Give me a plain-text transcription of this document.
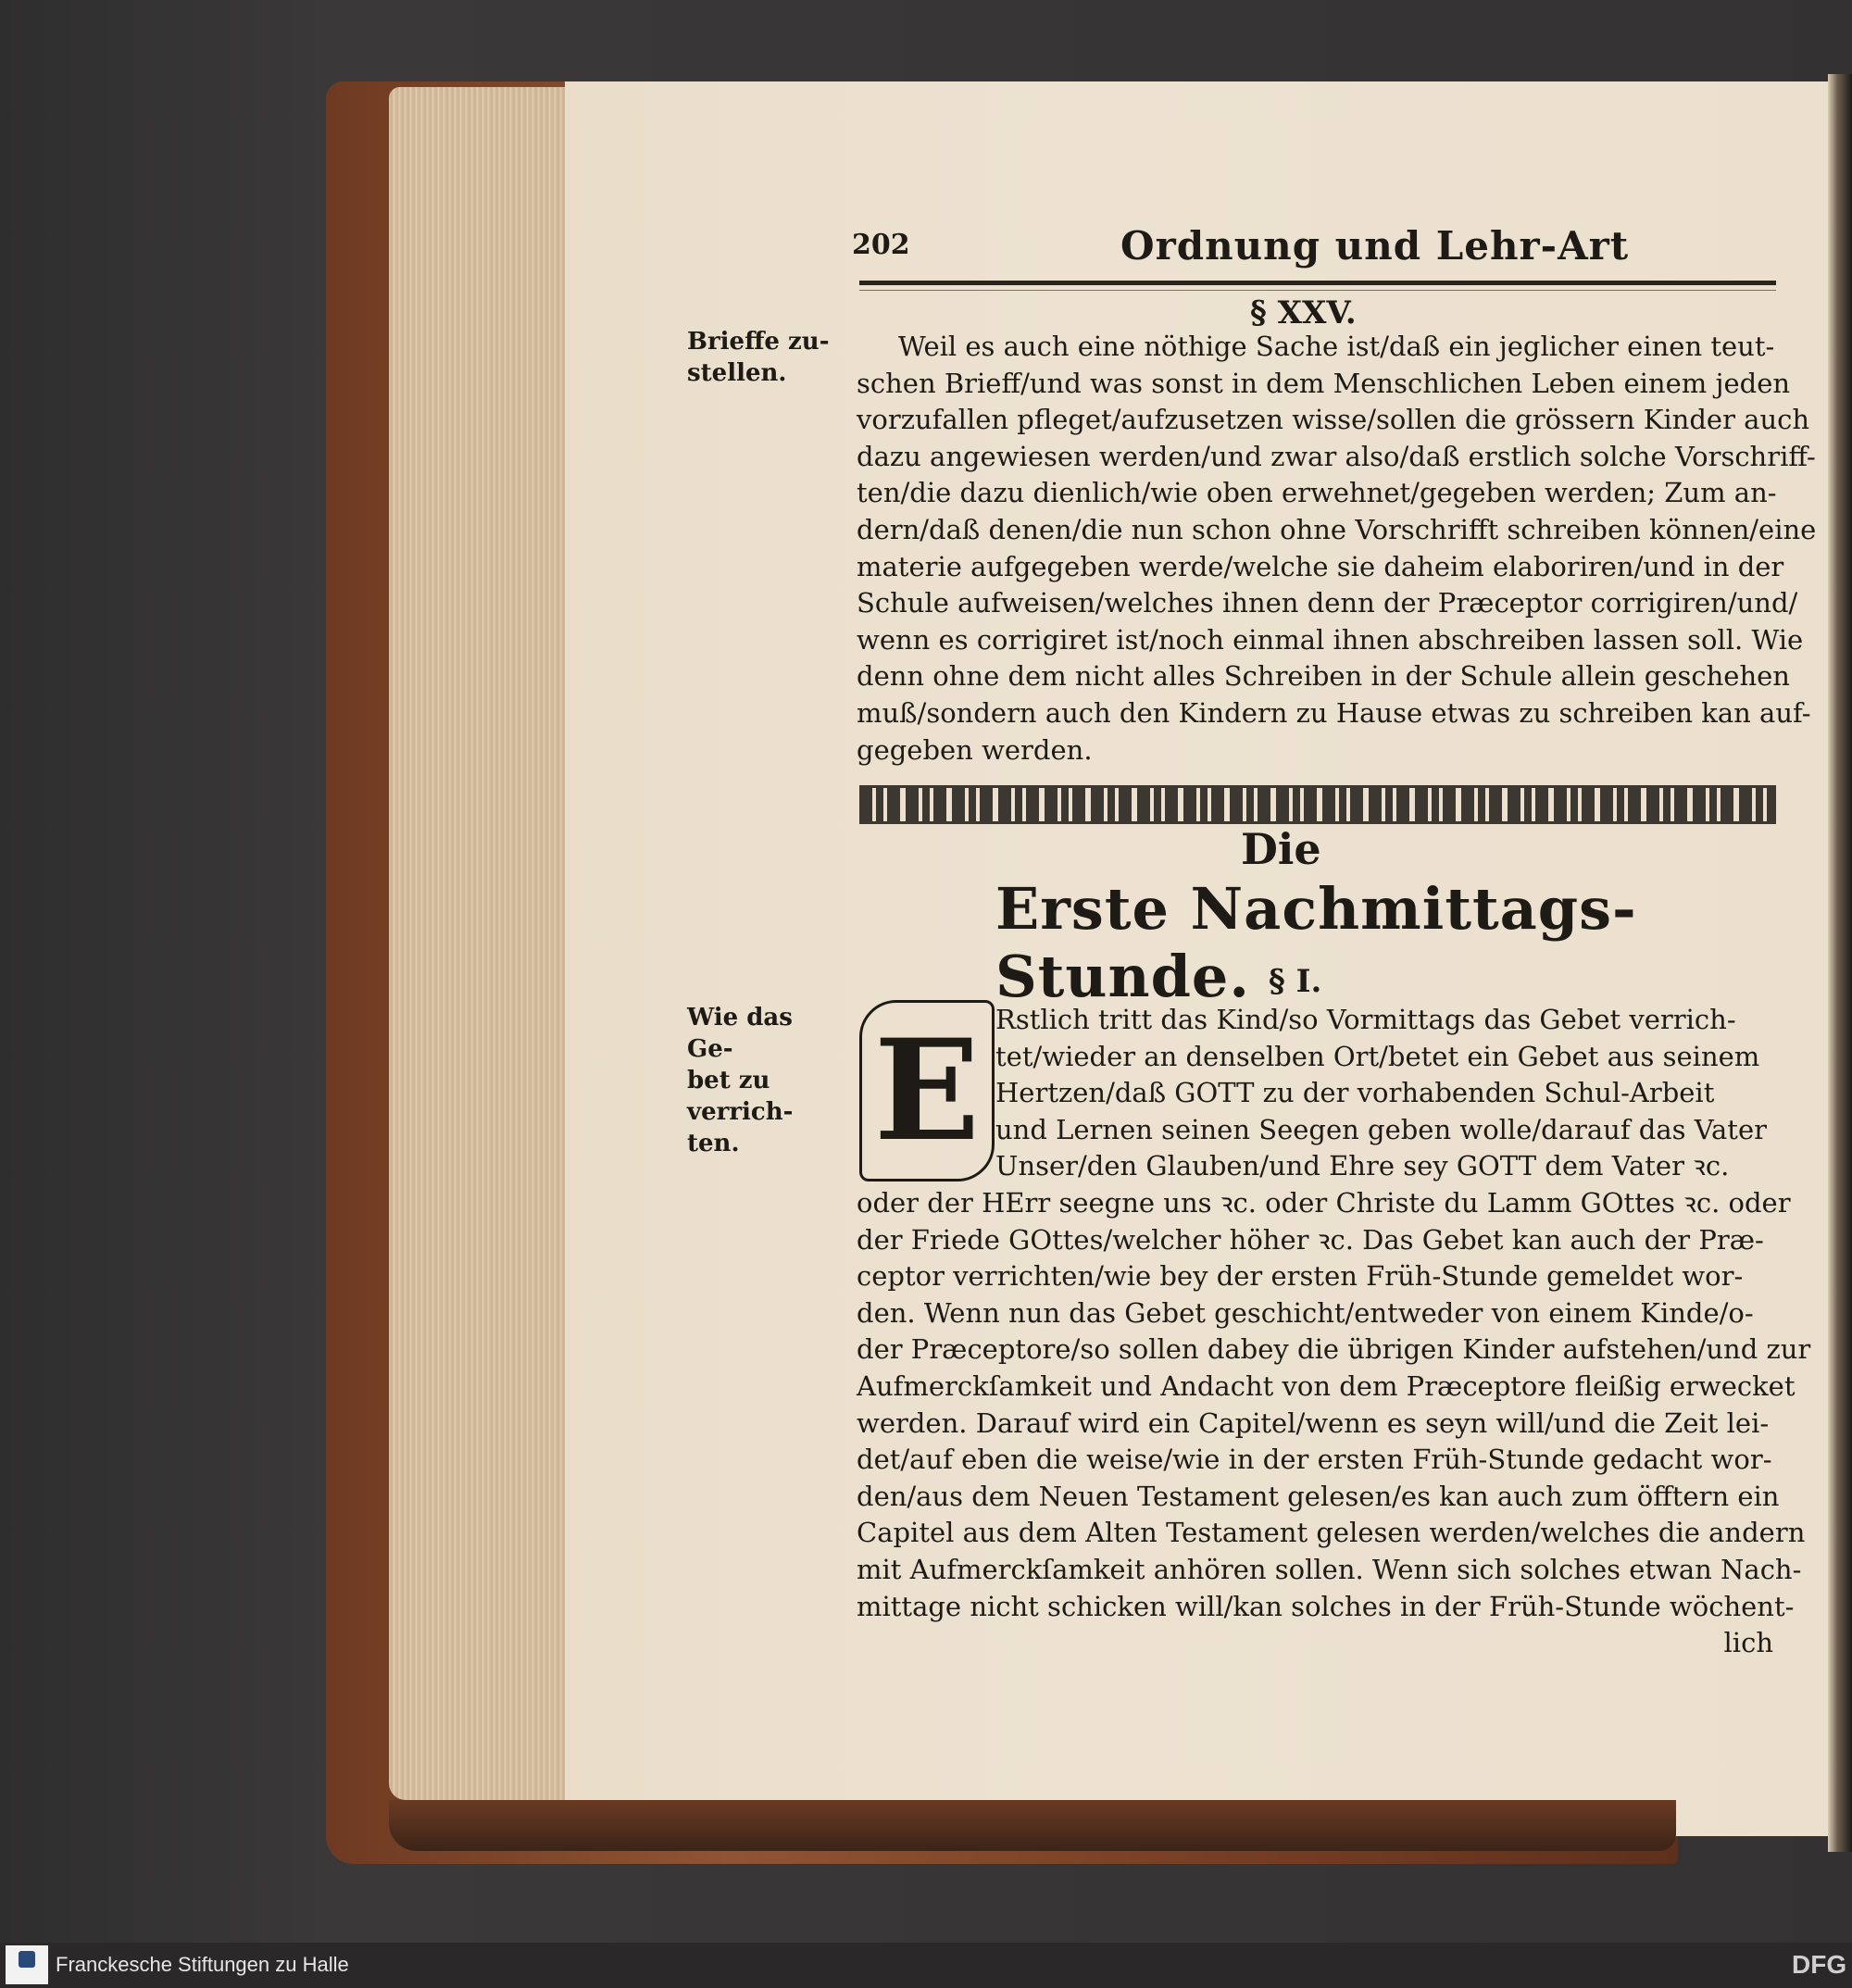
202	Ordnung und Lehr-Art
§ XXV.
Brieffe zu-
stellen.
Weil es auch eine nöthige Sache ist/daß ein jeglicher einen teut-
schen Brieff/und was sonst in dem Menschlichen Leben einem jeden
vorzufallen pfleget/aufzusetzen wisse/sollen die grössern Kinder auch
dazu angewiesen werden/und zwar also/daß erstlich solche Vorschriff-
ten/die dazu dienlich/wie oben erwehnet/gegeben werden; Zum an-
dern/daß denen/die nun schon ohne Vorschrifft schreiben können/eine
materie aufgegeben werde/welche sie daheim elaboriren/und in der
Schule aufweisen/welches ihnen denn der Præceptor corrigiren/und/
wenn es corrigiret ist/noch einmal ihnen abschreiben lassen soll. Wie
denn ohne dem nicht alles Schreiben in der Schule allein geschehen
muß/sondern auch den Kindern zu Hause etwas zu schreiben kan auf-
gegeben werden.
Die
Erste Nachmittags-Stunde. § I.
Wie das Ge-
bet zu verrich-
ten. E Rstlich tritt das Kind/so Vormittags das Gebet verrich-
tet/wieder an denselben Ort/betet ein Gebet aus seinem
Hertzen/daß GOTT zu der vorhabenden Schul-Arbeit
und Lernen seinen Seegen geben wolle/darauf das Vater
Unser/den Glauben/und Ehre sey GOTT dem Vater ꝛc.
oder der HErr seegne uns ꝛc. oder Christe du Lamm GOttes ꝛc. oder
der Friede GOttes/welcher höher ꝛc. Das Gebet kan auch der Præ-
ceptor verrichten/wie bey der ersten Früh-Stunde gemeldet wor-
den. Wenn nun das Gebet geschicht/entweder von einem Kinde/o-
der Præceptore/so sollen dabey die übrigen Kinder aufstehen/und zur
Aufmerckſamkeit und Andacht von dem Præceptore fleißig erwecket
werden. Darauf wird ein Capitel/wenn es seyn will/und die Zeit lei-
det/auf eben die weise/wie in der ersten Früh-Stunde gedacht wor-
den/aus dem Neuen Testament gelesen/es kan auch zum öfftern ein
Capitel aus dem Alten Testament gelesen werden/welches die andern
mit Aufmerckſamkeit anhören sollen. Wenn sich solches etwan Nach-
mittage nicht schicken will/kan solches in der Früh-Stunde wöchent-
lich
Franckesche Stiftungen zu Halle	DFG
